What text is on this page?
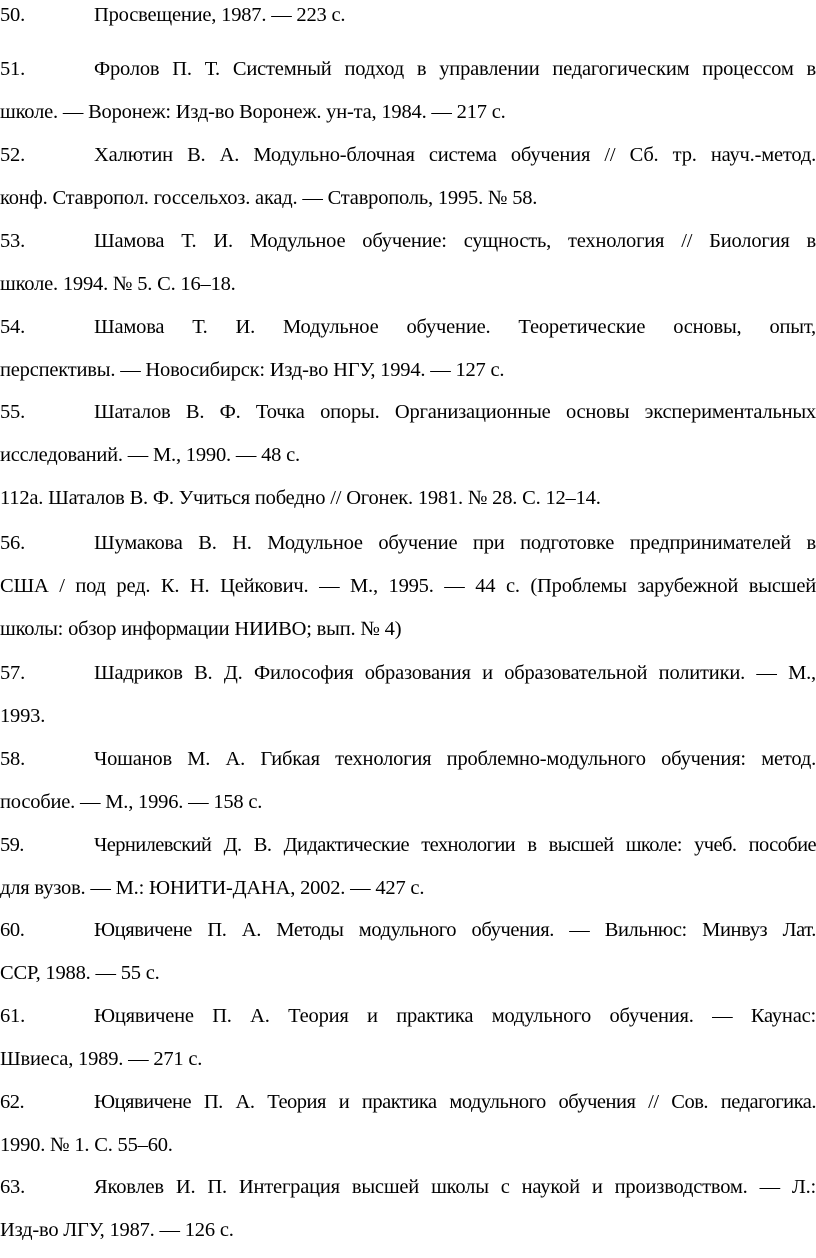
50.	Просвещение, 1987. — 223 с.
51.	Фролов П. Т. Системный подход в управлении педагогическим процессом в
школе. — Воронеж: Изд-во Воронеж. ун-та, 1984. — 217 с.
52.	Халютин В. А. Модульно-блочная система обучения // Сб. тр. науч.-метод.
конф. Ставропол. госсельхоз. акад. — Ставрополь, 1995. № 58.
53.	Шамова Т. И. Модульное обучение: сущность, технология // Биология в
школе. 1994. № 5. С. 16–18.
54.	Шамова Т. И. Модульное обучение. Теоретические основы, опыт,
перспективы. — Новосибирск: Изд-во НГУ, 1994. — 127 с.
55.	Шаталов В. Ф. Точка опоры. Организационные основы экспериментальных
исследований. — М., 1990. — 48 с.
112а. Шаталов В. Ф. Учиться победно // Огонек. 1981. № 28. С. 12–14.
56.	Шумакова В. Н. Модульное обучение при подготовке предпринимателей в
США / под ред. К. Н. Цейкович. — М., 1995. — 44 с. (Проблемы зарубежной высшей
школы: обзор информации НИИВО; вып. № 4)
57.	Шадриков В. Д. Философия образования и образовательной политики. — М.,
1993.
58.	Чошанов М. А. Гибкая технология проблемно-модульного обучения: метод.
пособие. — М., 1996. — 158 с.
59.	Чернилевский Д. В. Дидактические технологии в высшей школе: учеб. пособие
для вузов. — М.: ЮНИТИ-ДАНА, 2002. — 427 с.
60.	Юцявичене П. А. Методы модульного обучения. — Вильнюс: Минвуз Лат.
ССР, 1988. — 55 с.
61.	Юцявичене П. А. Теория и практика модульного обучения. — Каунас:
Швиеса, 1989. — 271 с.
62.	Юцявичене П. А. Теория и практика модульного обучения // Сов. педагогика.
1990. № 1. С. 55–60.
63.	Яковлев И. П. Интеграция высшей школы с наукой и производством. — Л.:
Изд-во ЛГУ, 1987. — 126 с.
